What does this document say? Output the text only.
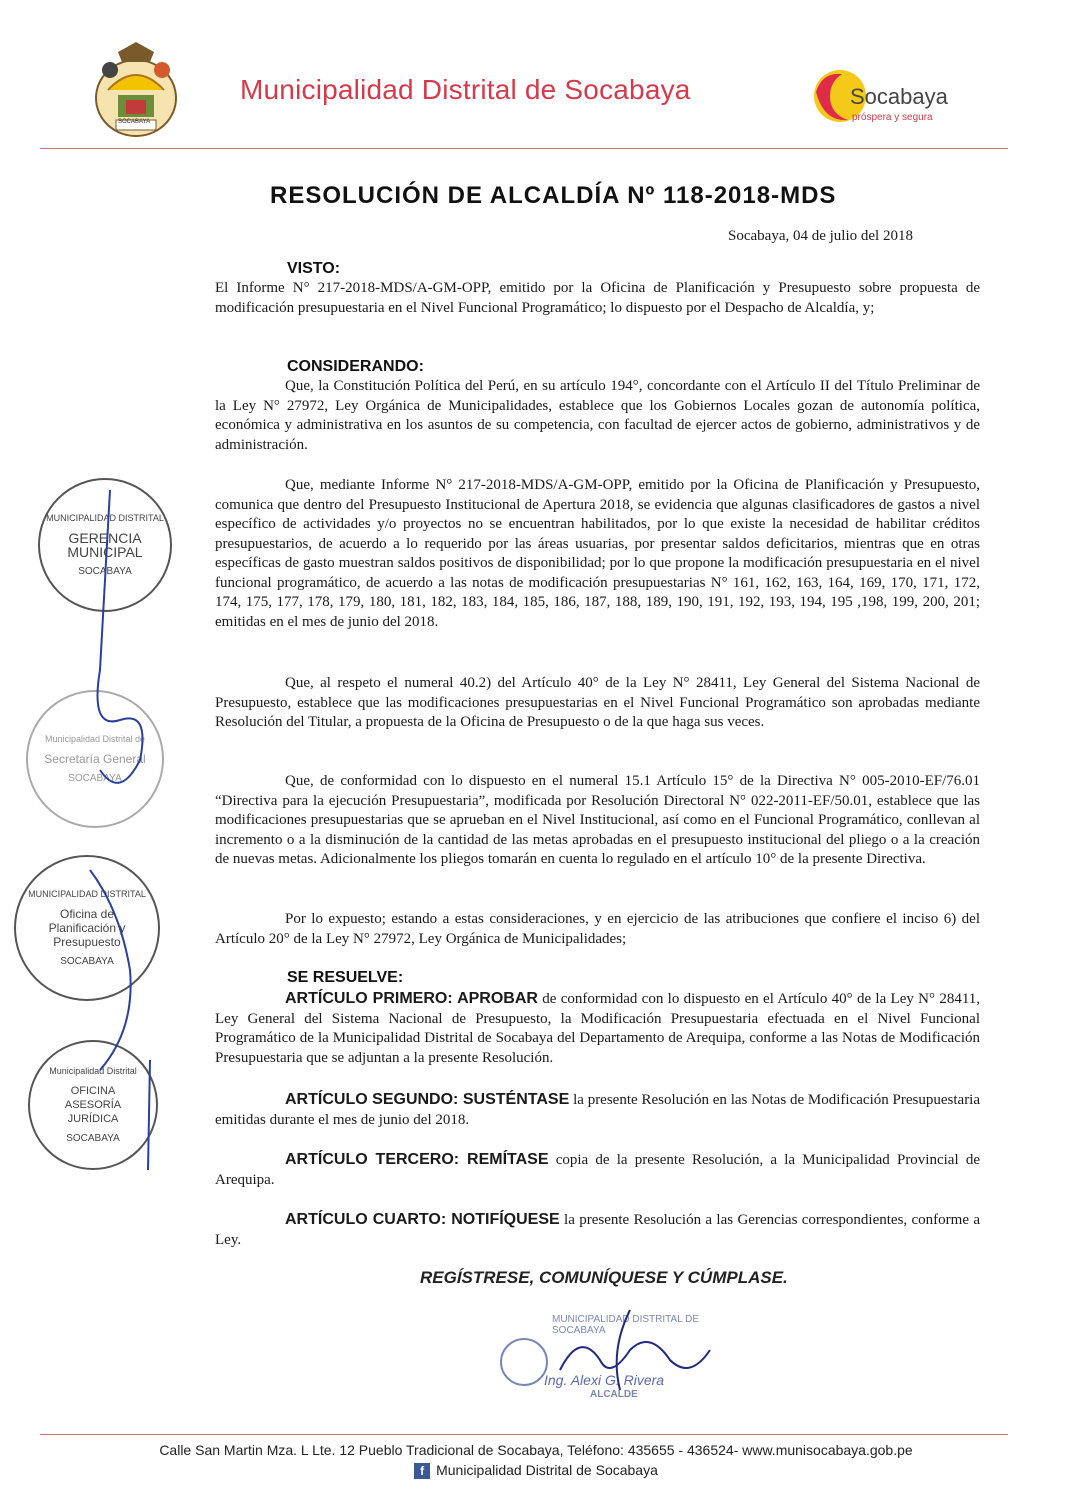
SOCABAYA
Municipalidad Distrital de Socabaya	Socabaya
próspera y segura
RESOLUCIÓN DE ALCALDÍA Nº 118-2018-MDS
Socabaya, 04 de julio del 2018
VISTO:
El Informe N° 217-2018-MDS/A-GM-OPP, emitido por la Oficina de Planificación y Presupuesto sobre propuesta de modificación presupuestaria en el Nivel Funcional Programático; lo dispuesto por el Despacho de Alcaldía, y;
CONSIDERANDO:
Que, la Constitución Política del Perú, en su artículo 194°, concordante con el Artículo II del Título Preliminar de la Ley N° 27972, Ley Orgánica de Municipalidades, establece que los Gobiernos Locales gozan de autonomía política, económica y administrativa en los asuntos de su competencia, con facultad de ejercer actos de gobierno, administrativos y de administración.
Que, mediante Informe N° 217-2018-MDS/A-GM-OPP, emitido por la Oficina de Planificación y Presupuesto, comunica que dentro del Presupuesto Institucional de Apertura 2018, se evidencia que algunas clasificadores de gastos a nivel específico de actividades y/o proyectos no se encuentran habilitados, por lo que existe la necesidad de habilitar créditos presupuestarios, de acuerdo a lo requerido por las áreas usuarias, por presentar saldos deficitarios, mientras que en otras específicas de gasto muestran saldos positivos de disponibilidad; por lo que propone la modificación presupuestaria en el nivel funcional programático, de acuerdo a las notas de modificación presupuestarias N° 161, 162, 163, 164, 169, 170, 171, 172, 174, 175, 177, 178, 179, 180, 181, 182, 183, 184, 185, 186, 187, 188, 189, 190, 191, 192, 193, 194, 195 ,198, 199, 200, 201; emitidas en el mes de junio del 2018.
Que, al respeto el numeral 40.2) del Artículo 40° de la Ley N° 28411, Ley General del Sistema Nacional de Presupuesto, establece que las modificaciones presupuestarias en el Nivel Funcional Programático son aprobadas mediante Resolución del Titular, a propuesta de la Oficina de Presupuesto o de la que haga sus veces.
Que, de conformidad con lo dispuesto en el numeral 15.1 Artículo 15° de la Directiva N° 005-2010-EF/76.01 “Directiva para la ejecución Presupuestaria”, modificada por Resolución Directoral N° 022-2011-EF/50.01, establece que las modificaciones presupuestarias que se aprueban en el Nivel Institucional, así como en el Funcional Programático, conllevan al incremento o a la disminución de la cantidad de las metas aprobadas en el presupuesto institucional del pliego o a la creación de nuevas metas. Adicionalmente los pliegos tomarán en cuenta lo regulado en el artículo 10° de la presente Directiva.
Por lo expuesto; estando a estas consideraciones, y en ejercicio de las atribuciones que confiere el inciso 6) del Artículo 20° de la Ley N° 27972, Ley Orgánica de Municipalidades;
SE RESUELVE:
ARTÍCULO PRIMERO: APROBAR de conformidad con lo dispuesto en el Artículo 40° de la Ley N° 28411, Ley General del Sistema Nacional de Presupuesto, la Modificación Presupuestaria efectuada en el Nivel Funcional Programático de la Municipalidad Distrital de Socabaya del Departamento de Arequipa, conforme a las Notas de Modificación Presupuestaria que se adjuntan a la presente Resolución.
ARTÍCULO SEGUNDO: SUSTÉNTASE la presente Resolución en las Notas de Modificación Presupuestaria emitidas durante el mes de junio del 2018.
ARTÍCULO TERCERO: REMÍTASE copia de la presente Resolución, a la Municipalidad Provincial de Arequipa.
ARTÍCULO CUARTO: NOTIFÍQUESE la presente Resolución a las Gerencias correspondientes, conforme a Ley.
REGÍSTRESE, COMUNÍQUESE Y CÚMPLASE.
MUNICIPALIDAD DISTRITAL
GERENCIA MUNICIPAL
SOCABAYA
Municipalidad Distrital de
Secretaría General
SOCABAYA
MUNICIPALIDAD DISTRITAL
Oficina de Planificación y Presupuesto
SOCABAYA
Municipalidad Distrital
OFICINA ASESORÍA JURÍDICA
SOCABAYA
MUNICIPALIDAD DISTRITAL DE SOCABAYA
Ing. Alexi G. Rivera
ALCALDE
Calle San Martin Mza. L Lte. 12 Pueblo Tradicional de Socabaya, Teléfono: 435655 - 436524- www.munisocabaya.gob.pe
f Municipalidad Distrital de Socabaya
